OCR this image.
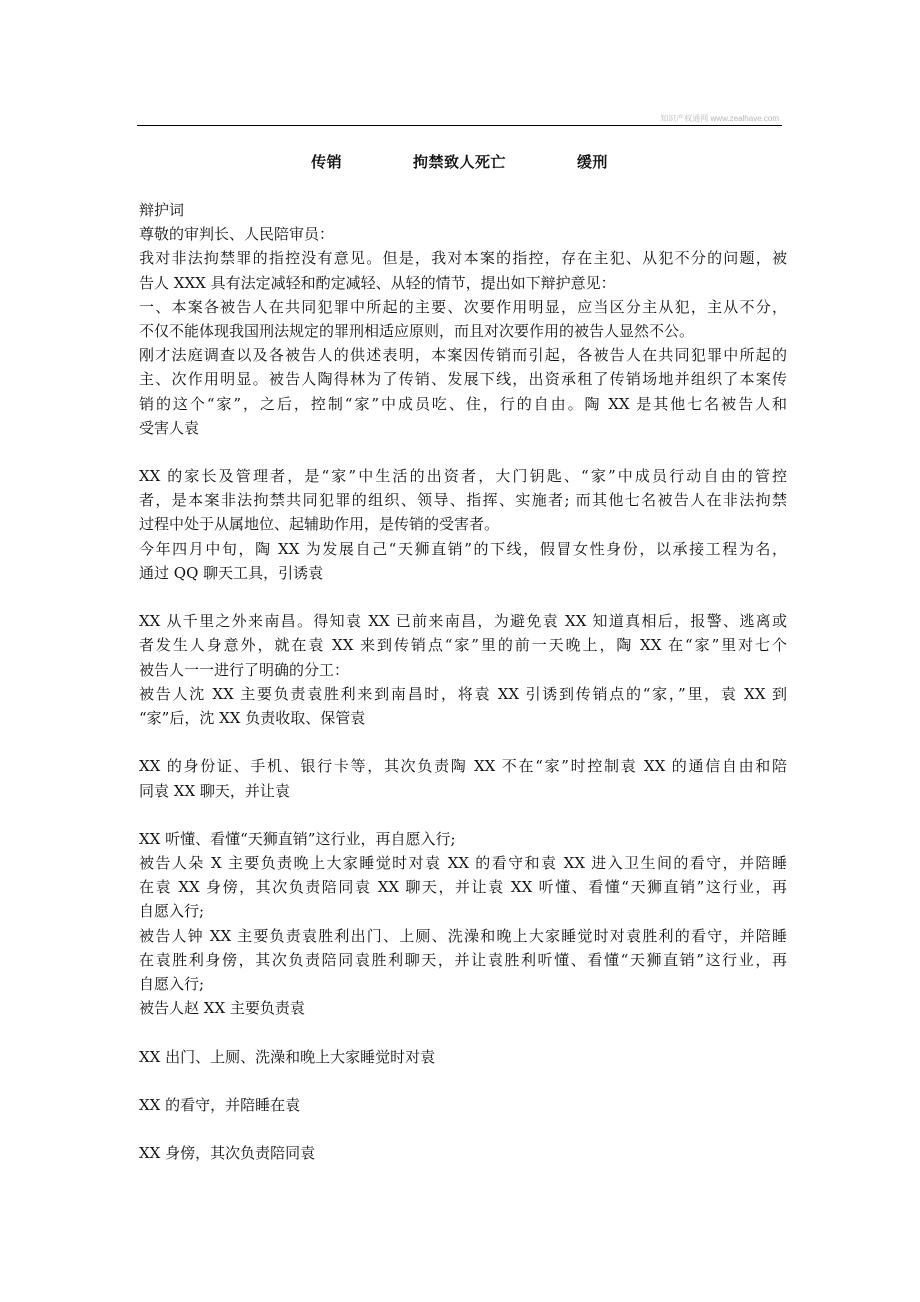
知识产权通网 www.zealhave.com
传销    拘禁致人死亡    缓刑
辩护词
尊敬的审判长、人民陪审员：
我对非法拘禁罪的指控没有意见。但是，我对本案的指控，存在主犯、从犯不分的问题，被
告人 XXX 具有法定减轻和酌定减轻、从轻的情节，提出如下辩护意见：
一、本案各被告人在共同犯罪中所起的主要、次要作用明显，应当区分主从犯，主从不分，
不仅不能体现我国刑法规定的罪刑相适应原则，而且对次要作用的被告人显然不公。
刚才法庭调查以及各被告人的供述表明，本案因传销而引起，各被告人在共同犯罪中所起的
主、次作用明显。被告人陶得林为了传销、发展下线，出资承租了传销场地并组织了本案传
销的这个“家”，之后，控制“家”中成员吃、住，行的自由。陶 XX 是其他七名被告人和
受害人袁
XX 的家长及管理者，是“家”中生活的出资者，大门钥匙、“家”中成员行动自由的管控
者，是本案非法拘禁共同犯罪的组织、领导、指挥、实施者; 而其他七名被告人在非法拘禁
过程中处于从属地位、起辅助作用，是传销的受害者。
今年四月中旬，陶 XX 为发展自己“天狮直销”的下线，假冒女性身份，以承接工程为名，
通过 QQ 聊天工具，引诱袁
XX 从千里之外来南昌。得知袁 XX 已前来南昌，为避免袁 XX 知道真相后，报警、逃离或
者发生人身意外，就在袁 XX 来到传销点“家”里的前一天晚上，陶 XX 在“家”里对七个
被告人一一进行了明确的分工：
被告人沈 XX 主要负责袁胜利来到南昌时，将袁 XX 引诱到传销点的“家，”里，袁 XX 到
“家”后，沈 XX 负责收取、保管袁
XX 的身份证、手机、银行卡等，其次负责陶 XX 不在“家”时控制袁 XX 的通信自由和陪
同袁 XX 聊天，并让袁
XX 听懂、看懂“天狮直销”这行业，再自愿入行;
被告人朵 X 主要负责晚上大家睡觉时对袁 XX 的看守和袁 XX 进入卫生间的看守，并陪睡
在袁 XX 身傍，其次负责陪同袁 XX 聊天，并让袁 XX 听懂、看懂“天狮直销”这行业，再
自愿入行;
被告人钟 XX 主要负责袁胜利出门、上厕、洗澡和晚上大家睡觉时对袁胜利的看守，并陪睡
在袁胜利身傍，其次负责陪同袁胜利聊天，并让袁胜利听懂、看懂“天狮直销”这行业，再
自愿入行;
被告人赵 XX 主要负责袁
XX 出门、上厕、洗澡和晚上大家睡觉时对袁
XX 的看守，并陪睡在袁
XX 身傍，其次负责陪同袁
